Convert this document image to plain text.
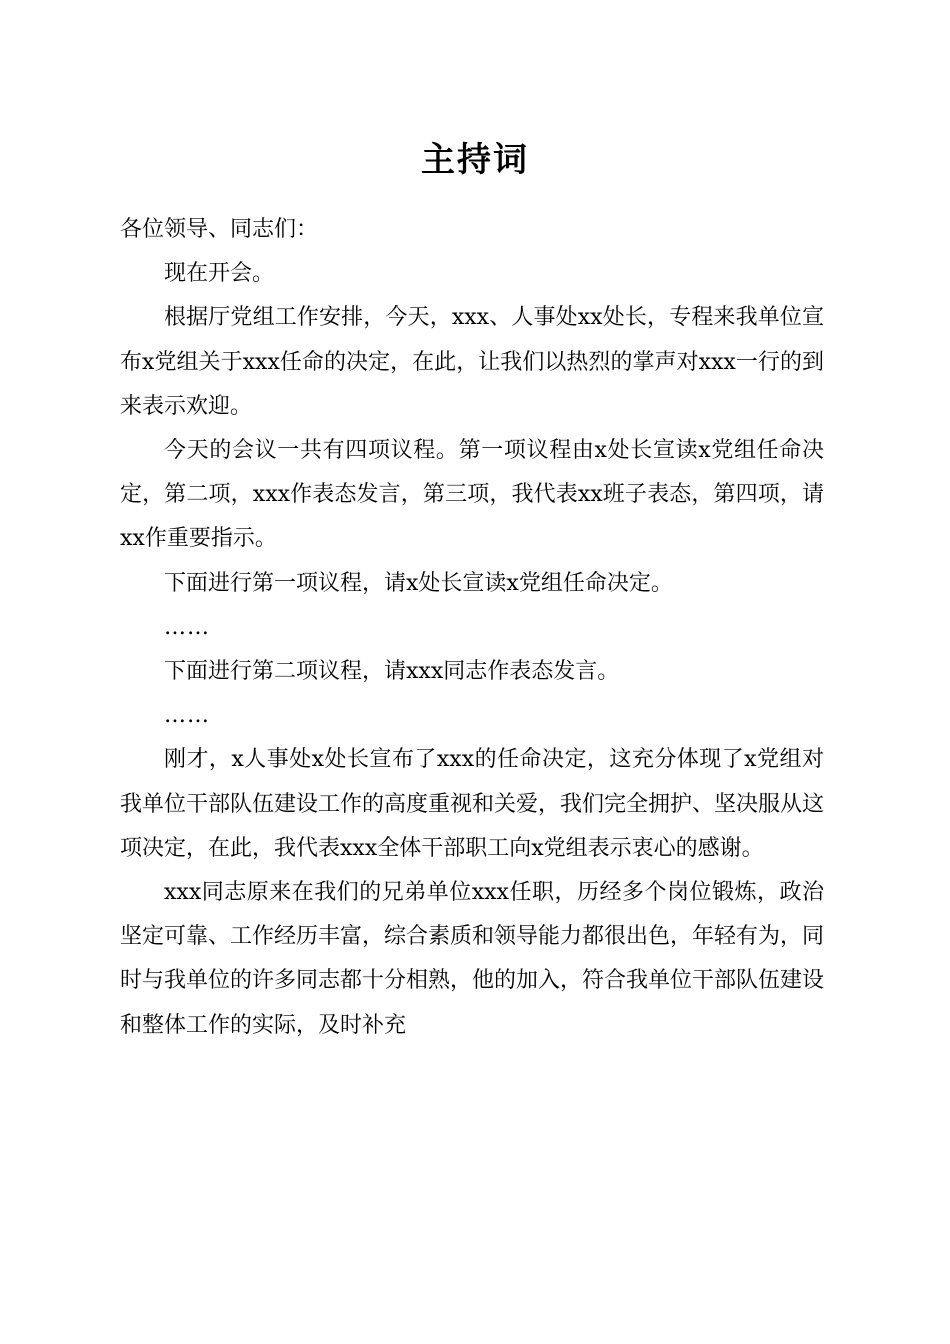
主持词

各位领导、同志们：

现在开会。

根据厅党组工作安排，今天，xxx、人事处xx处长，专程来我单位宣布x党组关于xxx任命的决定，在此，让我们以热烈的掌声对xxx一行的到来表示欢迎。

今天的会议一共有四项议程。第一项议程由x处长宣读x党组任命决定，第二项，xxx作表态发言，第三项，我代表xx班子表态，第四项，请xx作重要指示。

下面进行第一项议程，请x处长宣读x党组任命决定。

……

下面进行第二项议程，请xxx同志作表态发言。

……

刚才，x人事处x处长宣布了xxx的任命决定，这充分体现了x党组对我单位干部队伍建设工作的高度重视和关爱，我们完全拥护、坚决服从这项决定，在此，我代表xxx全体干部职工向x党组表示衷心的感谢。

xxx同志原来在我们的兄弟单位xxx任职，历经多个岗位锻炼，政治坚定可靠、工作经历丰富，综合素质和领导能力都很出色，年轻有为，同时与我单位的许多同志都十分相熟，他的加入，符合我单位干部队伍建设和整体工作的实际，及时补充
